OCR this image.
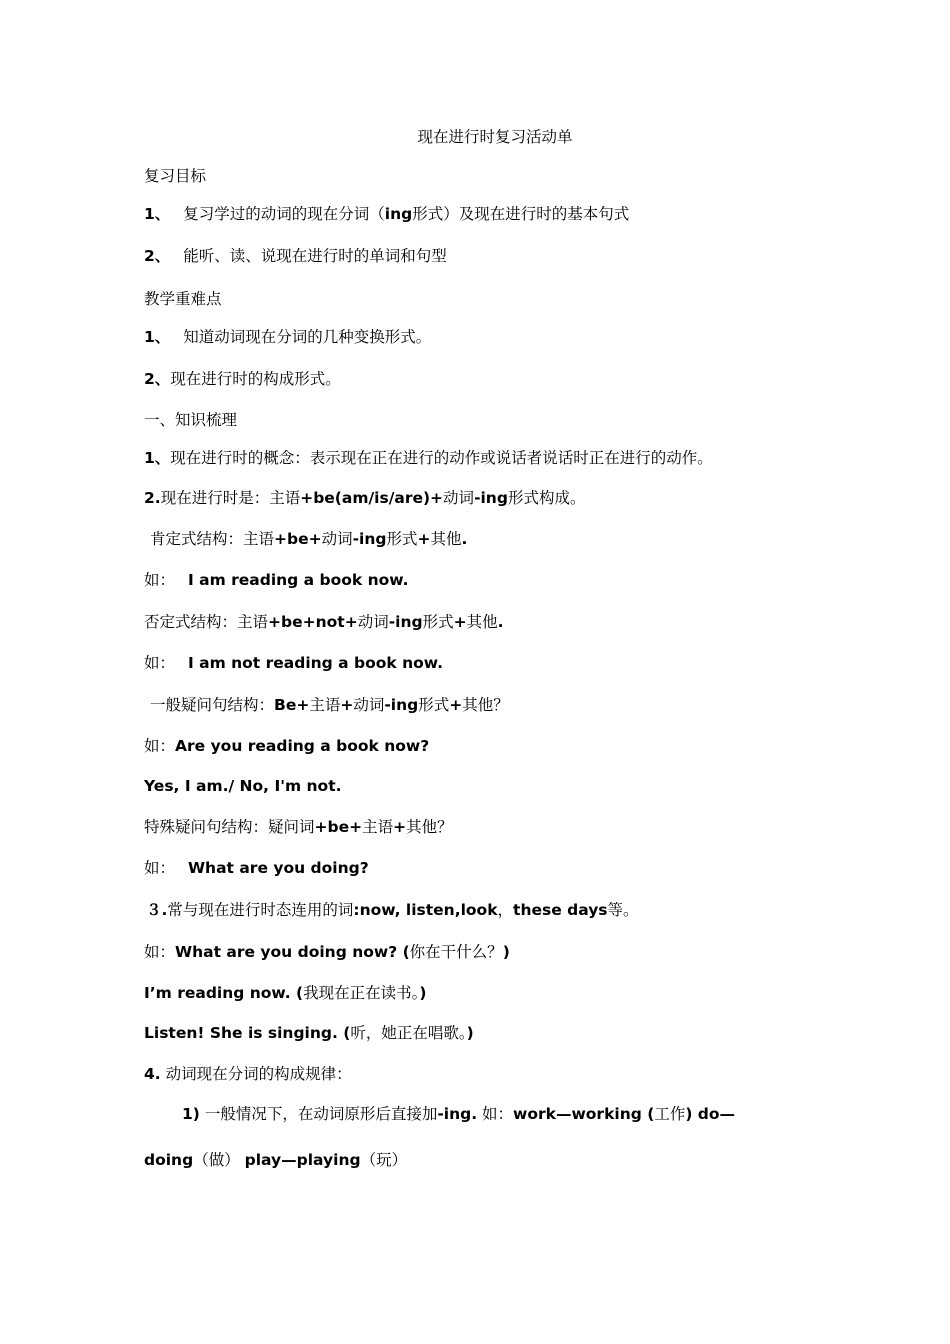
现在进行时复习活动单
复习目标
1、 复习学过的动词的现在分词（ing形式）及现在进行时的基本句式
2、 能听、读、说现在进行时的单词和句型
教学重难点
1、 知道动词现在分词的几种变换形式。
2、现在进行时的构成形式。
一、知识梳理
1、现在进行时的概念：表示现在正在进行的动作或说话者说话时正在进行的动作。
2.现在进行时是：主语+be(am/is/are)+动词-ing形式构成。
肯定式结构：主语+be+动词-ing形式+其他.
如： I am reading a book now.
否定式结构：主语+be+not+动词-ing形式+其他.
如： I am not reading a book now.
一般疑问句结构：Be+主语+动词-ing形式+其他？
如：Are you reading a book now?
Yes, I am./ No, I'm not.
特殊疑问句结构：疑问词+be+主语+其他？
如： What are you doing?
３.常与现在进行时态连用的词:now, listen,look，these days等。
如：What are you doing now? (你在干什么？)
I’m reading now. (我现在正在读书。)
Listen! She is singing. (听，她正在唱歌。)
4. 动词现在分词的构成规律：
1) 一般情况下，在动词原形后直接加-ing. 如：work—working (工作) do—
doing（做） play—playing（玩）
